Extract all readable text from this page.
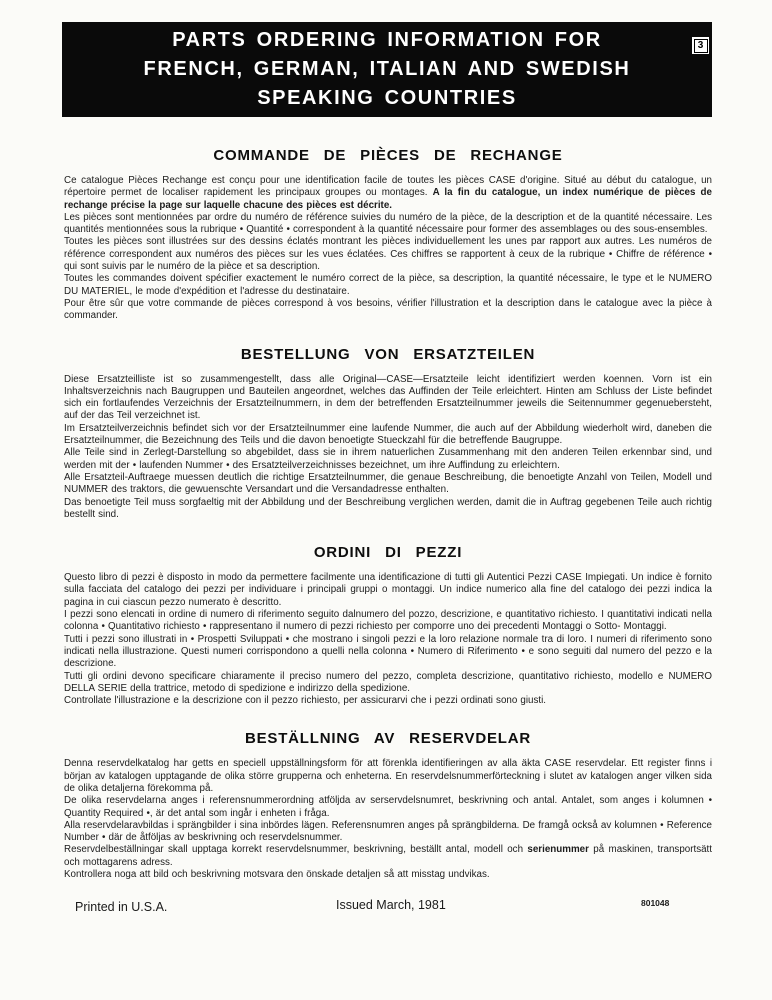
PARTS ORDERING INFORMATION FOR
FRENCH, GERMAN, ITALIAN AND SWEDISH
SPEAKING COUNTRIES
3
COMMANDE DE PIÈCES DE RECHANGE

Ce catalogue Pièces Rechange est conçu pour une identification facile de toutes les pièces CASE d'origine. Situé au début du catalogue, un répertoire permet de localiser rapidement les principaux groupes ou montages. A la fin du catalogue, un index numérique de pièces de rechange précise la page sur laquelle chacune des pièces est décrite.

Les pièces sont mentionnées par ordre du numéro de référence suivies du numéro de la pièce, de la description et de la quantité nécessaire. Les quantités mentionnées sous la rubrique • Quantité • correspondent à la quantité nécessaire pour former des assemblages ou des sous-ensembles.

Toutes les pièces sont illustrées sur des dessins éclatés montrant les pièces individuellement les unes par rapport aux autres. Les numéros de référence correspondent aux numéros des pièces sur les vues éclatées. Ces chiffres se rapportent à ceux de la rubrique • Chiffre de référence • qui sont suivis par le numéro de la pièce et sa description.

Toutes les commandes doivent spécifier exactement le numéro correct de la pièce, sa description, la quantité nécessaire, le type et le NUMERO DU MATERIEL, le mode d'expédition et l'adresse du destinataire.

Pour être sûr que votre commande de pièces correspond à vos besoins, vérifier l'illustration et la description dans le catalogue avec la pièce à commander.

BESTELLUNG VON ERSATZTEILEN

Diese Ersatzteilliste ist so zusammengestellt, dass alle Original—CASE—Ersatzteile leicht identifiziert werden koennen. Vorn ist ein Inhaltsverzeichnis nach Baugruppen und Bauteilen angeordnet, welches das Auffinden der Teile erleichtert. Hinten am Schluss der Liste befindet sich ein fortlaufendes Verzeichnis der Ersatzteilnummern, in dem der betreffenden Ersatzteilnummer jeweils die Seitennummer gegenuebersteht, auf der das Teil verzeichnet ist.

Im Ersatzteilverzeichnis befindet sich vor der Ersatzteilnummer eine laufende Nummer, die auch auf der Abbildung wiederholt wird, daneben die Ersatzteilnummer, die Bezeichnung des Teils und die davon benoetigte Stueckzahl für die betreffende Baugruppe.

Alle Teile sind in Zerlegt-Darstellung so abgebildet, dass sie in ihrem natuerlichen Zusammenhang mit den anderen Teilen erkennbar sind, und werden mit der • laufenden Nummer • des Ersatzteilverzeichnisses bezeichnet, um ihre Auffindung zu erleichtern.

Alle Ersatzteil-Auftraege muessen deutlich die richtige Ersatzteilnummer, die genaue Beschreibung, die benoetigte Anzahl von Teilen, Modell und NUMMER des traktors, die gewuenschte Versandart und die Versandadresse enthalten.

Das benoetigte Teil muss sorgfaeltig mit der Abbildung und der Beschreibung verglichen werden, damit die in Auftrag gegebenen Teile auch richtig bestellt sind.

ORDINI DI PEZZI

Questo libro di pezzi è disposto in modo da permettere facilmente una identificazione di tutti gli Autentici Pezzi CASE Impiegati. Un indice è fornito sulla facciata del catalogo dei pezzi per individuare i principali gruppi o montaggi. Un indice numerico alla fine del catalogo dei pezzi indica la pagina in cui ciascun pezzo numerato è descritto.

I pezzi sono elencati in ordine di numero di riferimento seguito dalnumero del pozzo, descrizione, e quantitativo richiesto. I quantitativi indicati nella colonna • Quantitativo richiesto • rappresentano il numero di pezzi richiesto per comporre uno dei precedenti Montaggi o Sotto- Montaggi.

Tutti i pezzi sono illustrati in • Prospetti Sviluppati • che mostrano i singoli pezzi e la loro relazione normale tra di loro. I numeri di riferimento sono indicati nella illustrazione. Questi numeri corrispondono a quelli nella colonna • Numero di Riferimento • e sono seguiti dal numero del pezzo e la descrizione.

Tutti gli ordini devono specificare chiaramente il preciso numero del pezzo, completa descrizione, quantitativo richiesto, modello e NUMERO DELLA SERIE della trattrice, metodo di spedizione e indirizzo della spedizione.

Controllate l'illustrazione e la descrizione con il pezzo richiesto, per assicurarvi che i pezzi ordinati sono giusti.

BESTÄLLNING AV RESERVDELAR

Denna reservdelkatalog har getts en speciell uppställningsform för att förenkla identifieringen av alla äkta CASE reservdelar. Ett register finns i början av katalogen upptagande de olika större grupperna och enheterna. En reservdelsnummerförteckning i slutet av katalogen anger vilken sida de olika detaljerna förekomma på.

De olika reservdelarna anges i referensnummerordning atföljda av serservdelsnumret, beskrivning och antal. Antalet, som anges i kolumnen • Quantity Required •, är det antal som ingår i enheten i fråga.

Alla reservdelaravbildas i sprängbilder i sina inbördes lägen. Referensnumren anges på sprängbilderna. De framgå också av kolumnen • Reference Number • där de åtföljas av beskrivning och reservdelsnummer.

Reservdelbeställningar skall upptaga korrekt reservdelsnummer, beskrivning, beställt antal, modell och serienummer på maskinen, transportsätt och mottagarens adress.

Kontrollera noga att bild och beskrivning motsvara den önskade detaljen så att misstag undvikas.

Printed in U.S.A.	Issued March, 1981	801048
